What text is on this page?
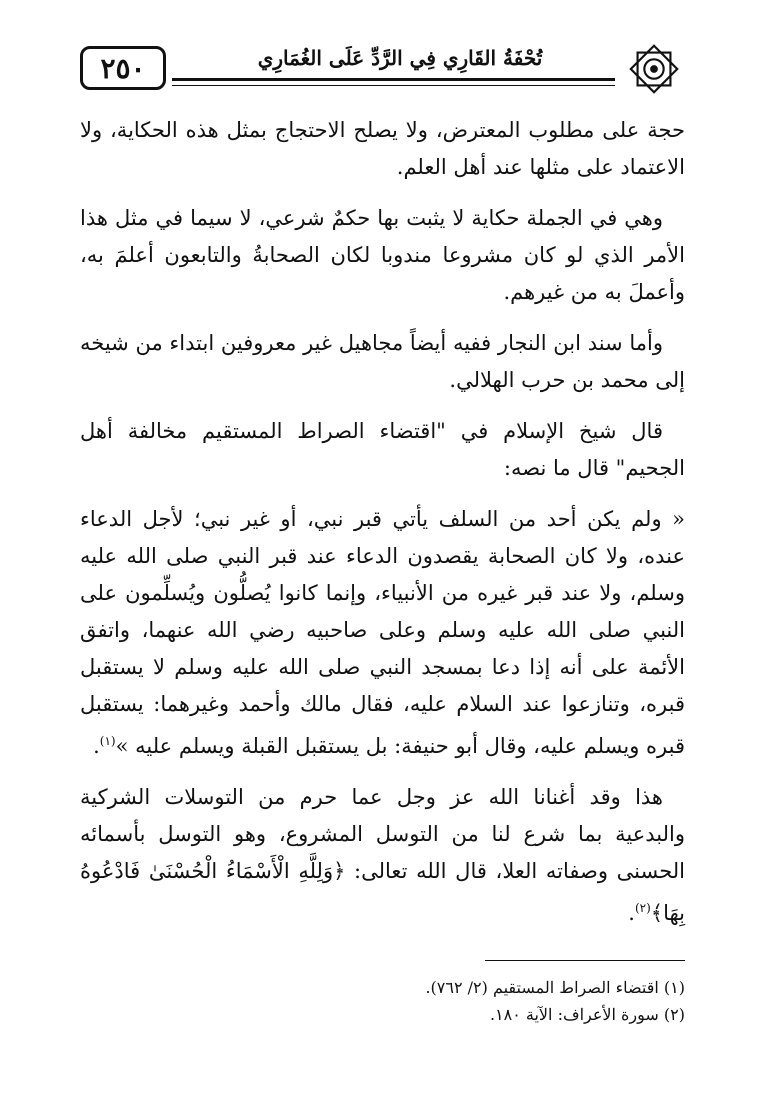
٢٥٠	تُحْفَةُ القَارِي فِي الرَّدِّ عَلَى الغُمَارِي

حجة على مطلوب المعترض، ولا يصلح الاحتجاج بمثل هذه الحكاية، ولا الاعتماد على مثلها عند أهل العلم.

وهي في الجملة حكاية لا يثبت بها حكمٌ شرعي، لا سيما في مثل هذا الأمر الذي لو كان مشروعا مندوبا لكان الصحابةُ والتابعون أعلمَ به، وأعملَ به من غيرهم.

وأما سند ابن النجار ففيه أيضاً مجاهيل غير معروفين ابتداء من شيخه إلى محمد بن حرب الهلالي.

قال شيخ الإسلام في "اقتضاء الصراط المستقيم مخالفة أهل الجحيم" قال ما نصه:

« ولم يكن أحد من السلف يأتي قبر نبي، أو غير نبي؛ لأجل الدعاء عنده، ولا كان الصحابة يقصدون الدعاء عند قبر النبي صلى الله عليه وسلم، ولا عند قبر غيره من الأنبياء، وإنما كانوا يُصلُّون ويُسلِّمون على النبي صلى الله عليه وسلم وعلى صاحبيه رضي الله عنهما، واتفق الأئمة على أنه إذا دعا بمسجد النبي صلى الله عليه وسلم لا يستقبل قبره، وتنازعوا عند السلام عليه، فقال مالك وأحمد وغيرهما: يستقبل قبره ويسلم عليه، وقال أبو حنيفة: بل يستقبل القبلة ويسلم عليه »$^{(١)}$.

هذا وقد أغنانا الله عز وجل عما حرم من التوسلات الشركية والبدعية بما شرع لنا من التوسل المشروع، وهو التوسل بأسمائه الحسنى وصفاته العلا، قال الله تعالى: ﴿وَلِلَّهِ الْأَسْمَاءُ الْحُسْنَىٰ فَادْعُوهُ بِهَا﴾$^{(٢)}$.

(١) اقتضاء الصراط المستقيم (٢/ ٧٦٢).
(٢) سورة الأعراف: الآية ١٨٠.
